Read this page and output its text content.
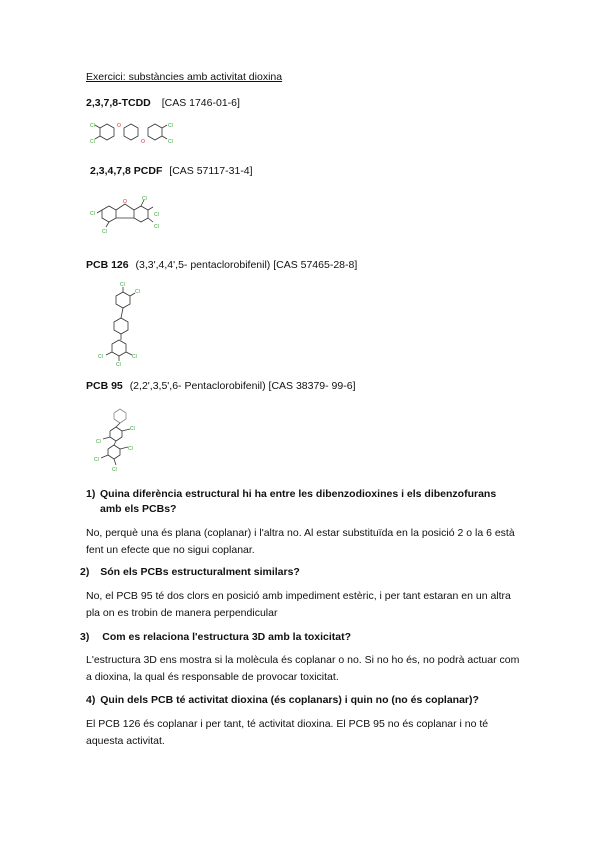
Exercici: substàncies amb activitat dioxina
2,3,7,8-TCDD [CAS 1746-01-6]
Cl
Cl
Cl
Cl
O
O
2,3,4,7,8 PCDF [CAS 57117-31-4]
Cl
Cl
Cl
Cl
Cl
O
PCB 126 (3,3',4,4',5- pentaclorobifenil) [CAS 57465-28-8]
Cl
Cl
Cl
Cl
Cl
PCB 95 (2,2',3,5',6- Pentaclorobifenil) [CAS 38379- 99-6]
Cl
Cl
Cl
Cl
Cl
1) Quina diferència estructural hi ha entre les dibenzodioxines i els dibenzofurans
amb els PCBs?
No, perquè una és plana (coplanar) i l'altra no. Al estar substituïda en la posició 2 o la 6 està fent un efecte que no sigui coplanar.
2) Són els PCBs estructuralment similars?
No, el PCB 95 té dos clors en posició amb impediment estèric, i per tant estaran en un altra pla on es trobin de manera perpendicular
3) Com es relaciona l'estructura 3D amb la toxicitat?
L'estructura 3D ens mostra si la molècula és coplanar o no. Si no ho és, no podrà actuar com a dioxina, la qual és responsable de provocar toxicitat.
4) Quin dels PCB té activitat dioxina (és coplanars) i quin no (no és coplanar)?
El PCB 126 és coplanar i per tant, té activitat dioxina. El PCB 95 no és coplanar i no té aquesta activitat.
